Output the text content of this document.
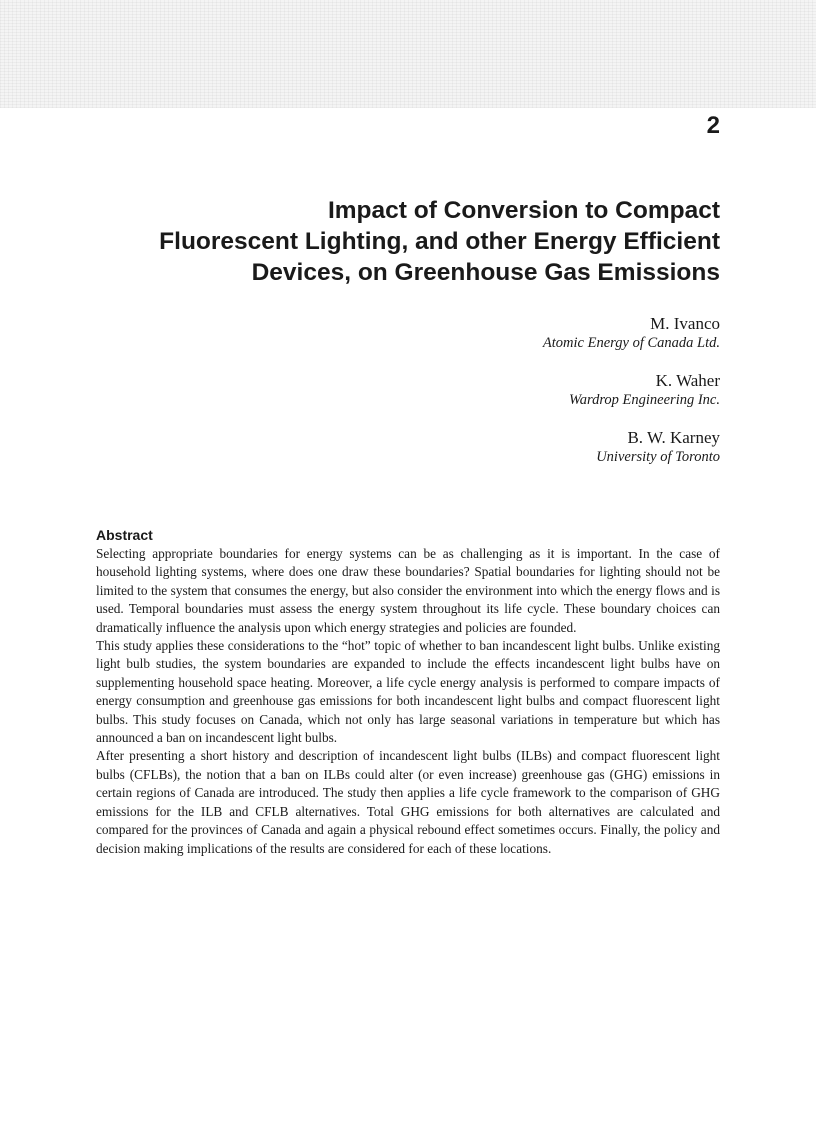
2
Impact of Conversion to Compact
Fluorescent Lighting, and other Energy Efficient
Devices, on Greenhouse Gas Emissions
M. Ivanco
Atomic Energy of Canada Ltd.
K. Waher
Wardrop Engineering Inc.
B. W. Karney
University of Toronto
Abstract

Selecting appropriate boundaries for energy systems can be as challenging as it is important. In the case of household lighting systems, where does one draw these boundaries? Spatial boundaries for lighting should not be limited to the system that consumes the energy, but also consider the environment into which the energy flows and is used. Temporal boundaries must assess the energy system throughout its life cycle. These boundary choices can dramatically influence the analysis upon which energy strategies and policies are founded.

This study applies these considerations to the “hot” topic of whether to ban incandescent light bulbs. Unlike existing light bulb studies, the system boundaries are expanded to include the effects incandescent light bulbs have on supplementing household space heating. Moreover, a life cycle energy analysis is performed to compare impacts of energy consumption and greenhouse gas emissions for both incandescent light bulbs and compact fluorescent light bulbs. This study focuses on Canada, which not only has large seasonal variations in temperature but which has announced a ban on incandescent light bulbs.

After presenting a short history and description of incandescent light bulbs (ILBs) and compact fluorescent light bulbs (CFLBs), the notion that a ban on ILBs could alter (or even increase) greenhouse gas (GHG) emissions in certain regions of Canada are introduced. The study then applies a life cycle framework to the comparison of GHG emissions for the ILB and CFLB alternatives. Total GHG emissions for both alternatives are calculated and compared for the provinces of Canada and again a physical rebound effect sometimes occurs. Finally, the policy and decision making implications of the results are considered for each of these locations.
